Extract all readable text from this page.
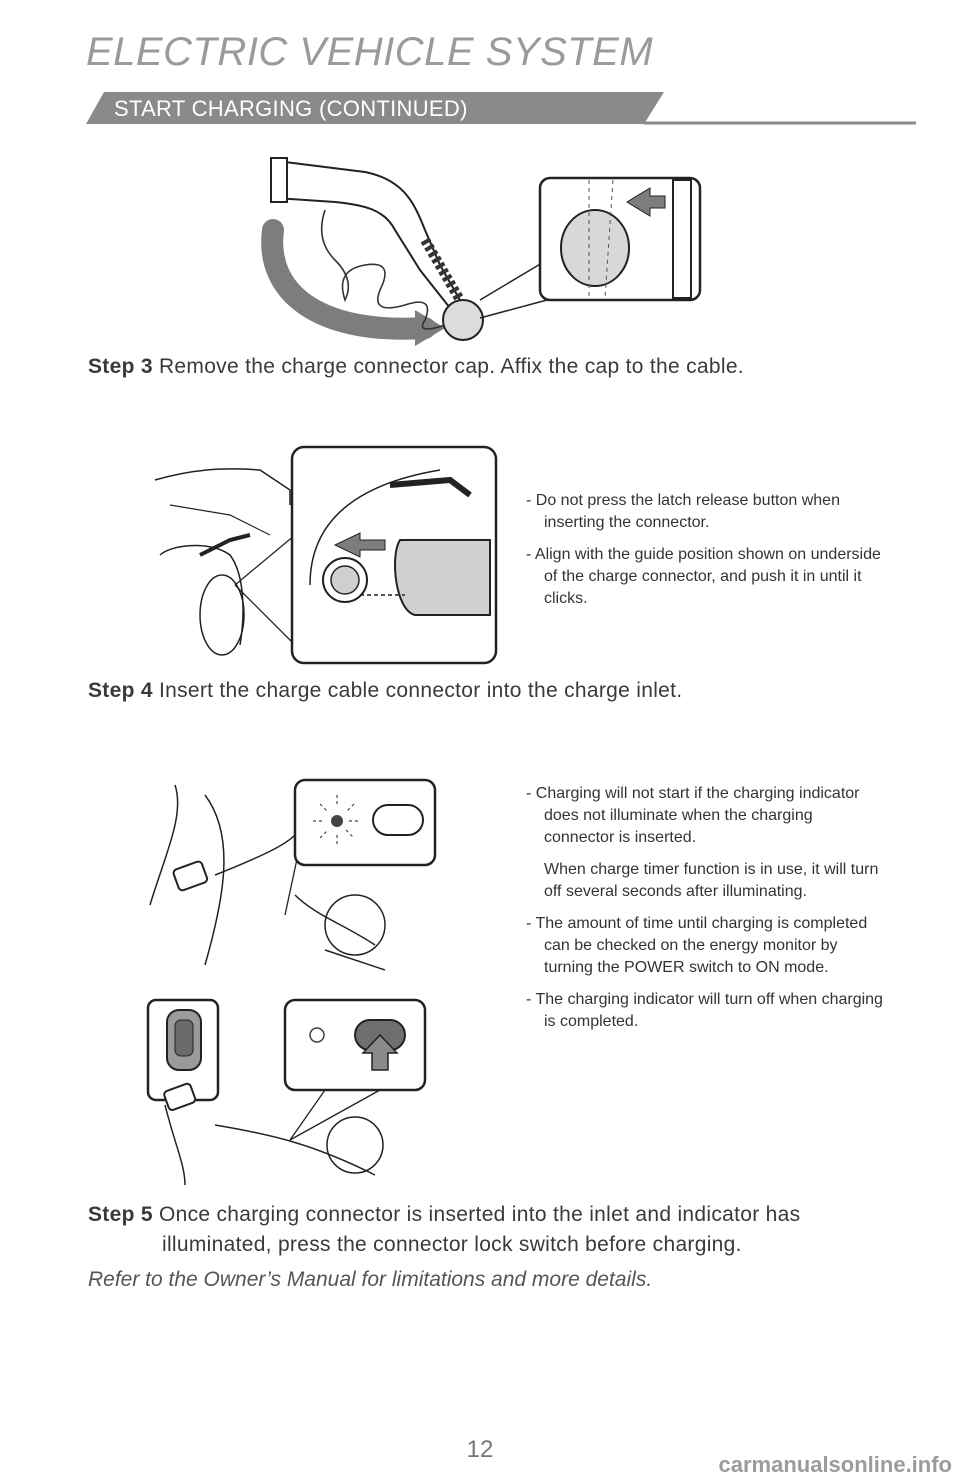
ELECTRIC VEHICLE SYSTEM
START CHARGING (CONTINUED)
Step 3 Remove the charge connector cap. Affix the cap to the cable.

- Do not press the latch release button when inserting the connector.

- Align with the guide position shown on underside of the charge connector, and push it in until it clicks.

Step 4 Insert the charge cable connector into the charge inlet.

- Charging will not start if the charging indicator does not illuminate when the charging connector is inserted.

When charge timer function is in use, it will turn off several seconds after illuminating.

- The amount of time until charging is completed can be checked on the energy monitor by turning the POWER switch to ON mode.

- The charging indicator will turn off when charging is completed.

Step 5 Once charging connector is inserted into the inlet and indicator has
illuminated, press the connector lock switch before charging.
Refer to the Owner’s Manual for limitations and more details.
12
carmanualsonline.info
